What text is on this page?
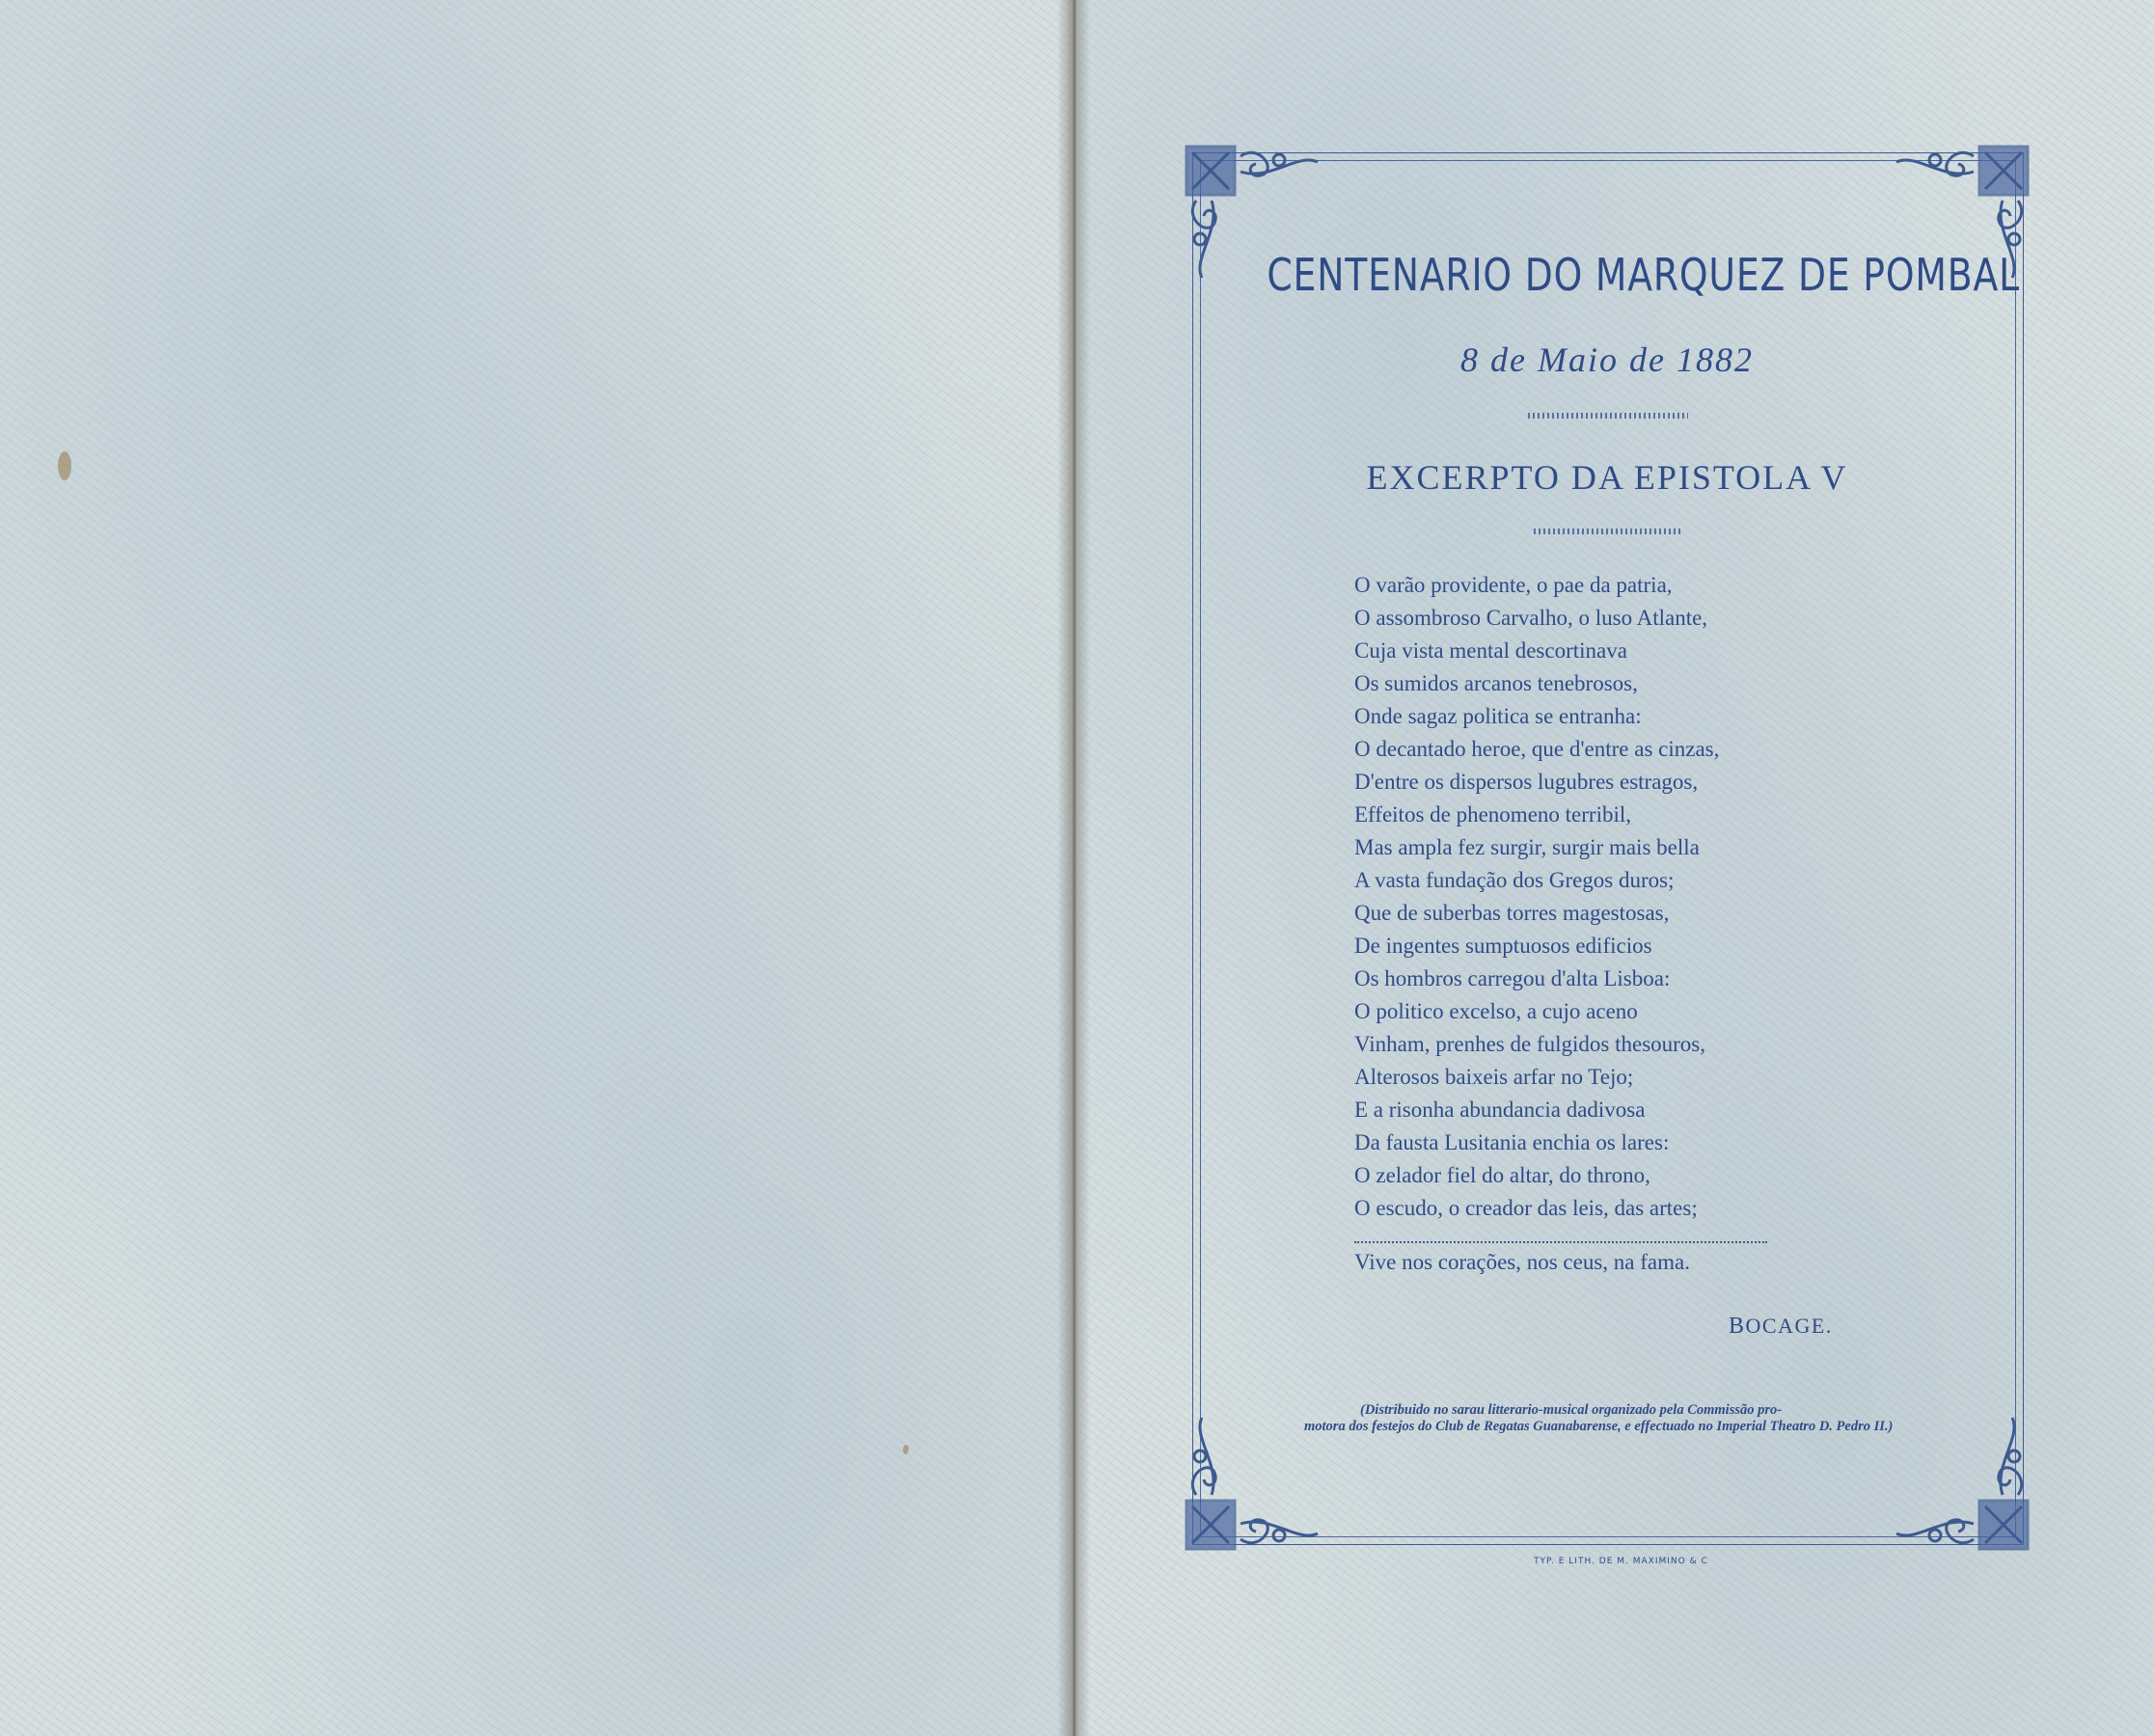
CENTENARIO DO MARQUEZ DE POMBAL
8 de Maio de 1882
EXCERPTO DA EPISTOLA V
O varão providente, o pae da patria,
O assombroso Carvalho, o luso Atlante,
Cuja vista mental descortinava
Os sumidos arcanos tenebrosos,
Onde sagaz politica se entranha:
O decantado heroe, que d'entre as cinzas,
D'entre os dispersos lugubres estragos,
Effeitos de phenomeno terribil,
Mas ampla fez surgir, surgir mais bella
A vasta fundação dos Gregos duros;
Que de suberbas torres magestosas,
De ingentes sumptuosos edificios
Os hombros carregou d'alta Lisboa:
O politico excelso, a cujo aceno
Vinham, prenhes de fulgidos thesouros,
Alterosos baixeis arfar no Tejo;
E a risonha abundancia dadivosa
Da fausta Lusitania enchia os lares:
O zelador fiel do altar, do throno,
O escudo, o creador das leis, das artes;
Vive nos corações, nos ceus, na fama.
BOCAGE.
(Distribuido no sarau litterario-musical organizado pela Commissão pro-
motora dos festejos do Club de Regatas Guanabarense, e effectuado no Imperial Theatro D. Pedro II.)
TYP. E LITH. DE M. MAXIMINO & C
